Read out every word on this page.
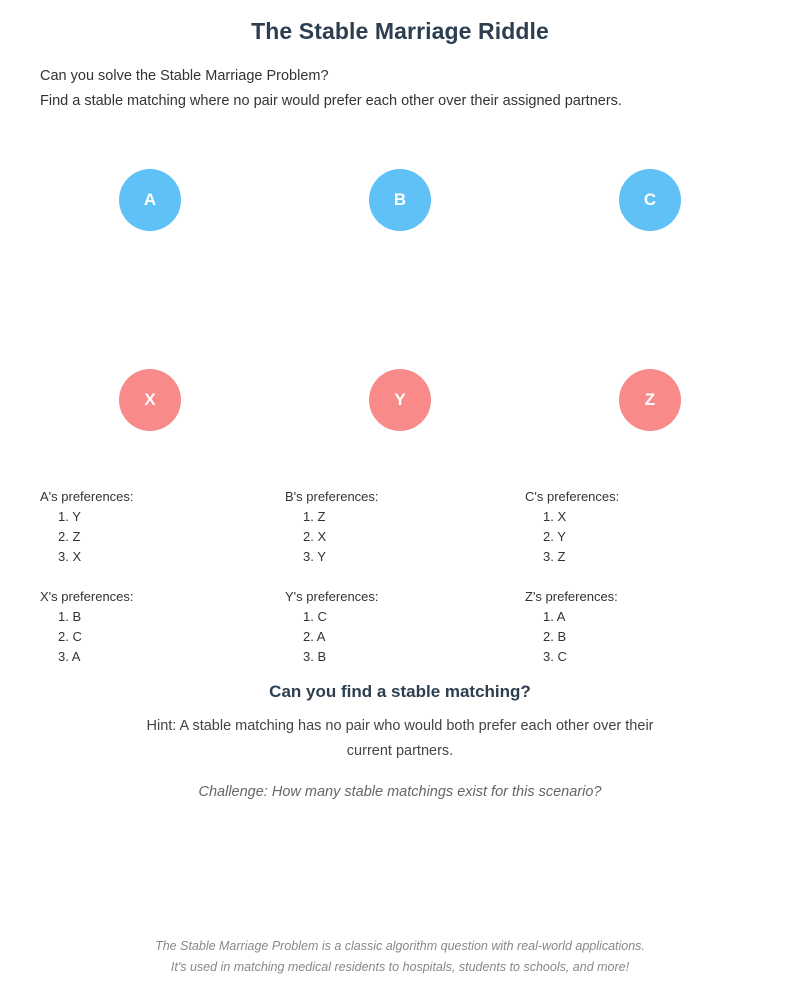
The Stable Marriage Riddle
Can you solve the Stable Marriage Problem?
Find a stable matching where no pair would prefer each other over their assigned partners.
A	B	C
X	Y	Z
A's preferences:
1. Y
2. Z
3. X
B's preferences:
1. Z
2. X
3. Y
C's preferences:
1. X
2. Y
3. Z
X's preferences:
1. B
2. C
3. A
Y's preferences:
1. C
2. A
3. B
Z's preferences:
1. A
2. B
3. C
Can you find a stable matching?
Hint: A stable matching has no pair who would both prefer each other over their current partners.
Challenge: How many stable matchings exist for this scenario?
The Stable Marriage Problem is a classic algorithm question with real-world applications.
It's used in matching medical residents to hospitals, students to schools, and more!
